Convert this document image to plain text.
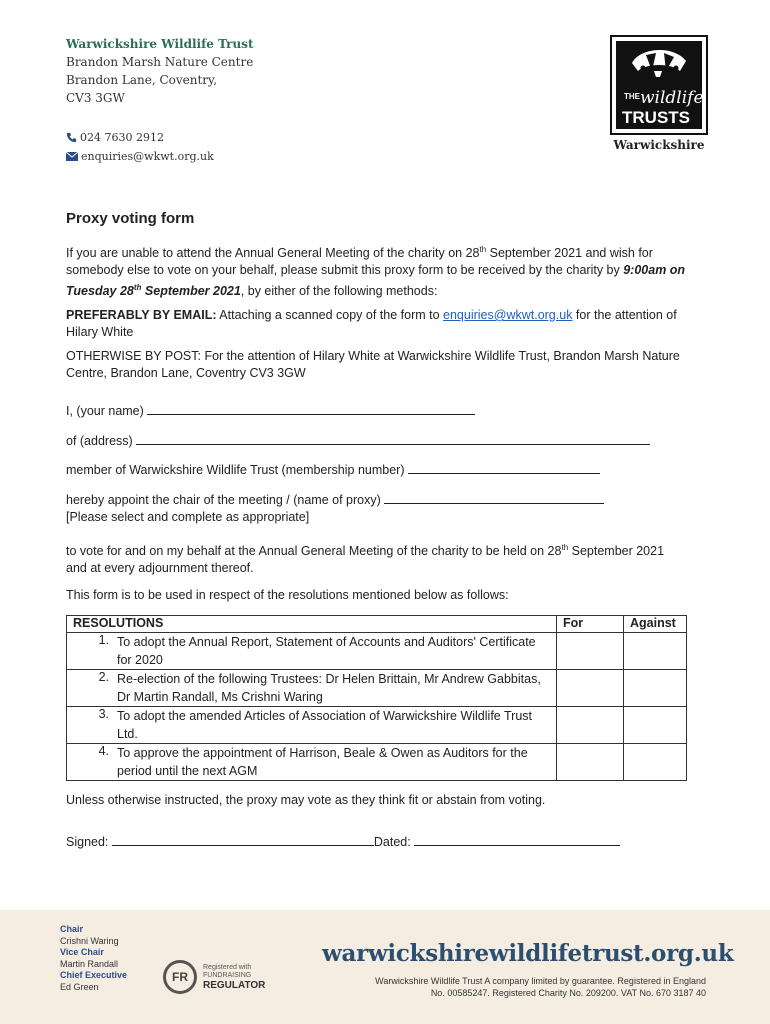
Warwickshire Wildlife Trust
Brandon Marsh Nature Centre
Brandon Lane, Coventry,
CV3 3GW
024 7630 2912
enquiries@wkwt.org.uk
THE wildlife
TRUSTS
Warwickshire
Proxy voting form
If you are unable to attend the Annual General Meeting of the charity on 28th September 2021 and wish for somebody else to vote on your behalf, please submit this proxy form to be received by the charity by 9:00am on Tuesday 28th September 2021, by either of the following methods:
PREFERABLY BY EMAIL: Attaching a scanned copy of the form to enquiries@wkwt.org.uk for the attention of Hilary White
OTHERWISE BY POST: For the attention of Hilary White at Warwickshire Wildlife Trust, Brandon Marsh Nature Centre, Brandon Lane, Coventry CV3 3GW
I, (your name)
of (address)
member of Warwickshire Wildlife Trust (membership number)
hereby appoint the chair of the meeting / (name of proxy)
[Please select and complete as appropriate]
to vote for and on my behalf at the Annual General Meeting of the charity to be held on 28th September 2021 and at every adjournment thereof.
This form is to be used in respect of the resolutions mentioned below as follows:
RESOLUTIONS		For	Against
1.	To adopt the Annual Report, Statement of Accounts and Auditors' Certificate for 2020		
2.	Re-election of the following Trustees: Dr Helen Brittain, Mr Andrew Gabbitas, Dr Martin Randall, Ms Crishni Waring		
3.	To adopt the amended Articles of Association of Warwickshire Wildlife Trust Ltd.		
4.	To approve the appointment of Harrison, Beale & Owen as Auditors for the period until the next AGM		
Unless otherwise instructed, the proxy may vote as they think fit or abstain from voting.
Signed:	Dated:
Chair
Crishni Waring
Vice Chair
Martin Randall
Chief Executive
Ed Green
FR
Registered with
FUNDRAISING
REGULATOR
warwickshirewildlifetrust.org.uk
Warwickshire Wildlife Trust A company limited by guarantee. Registered in England
No. 00585247. Registered Charity No. 209200. VAT No. 670 3187 40
